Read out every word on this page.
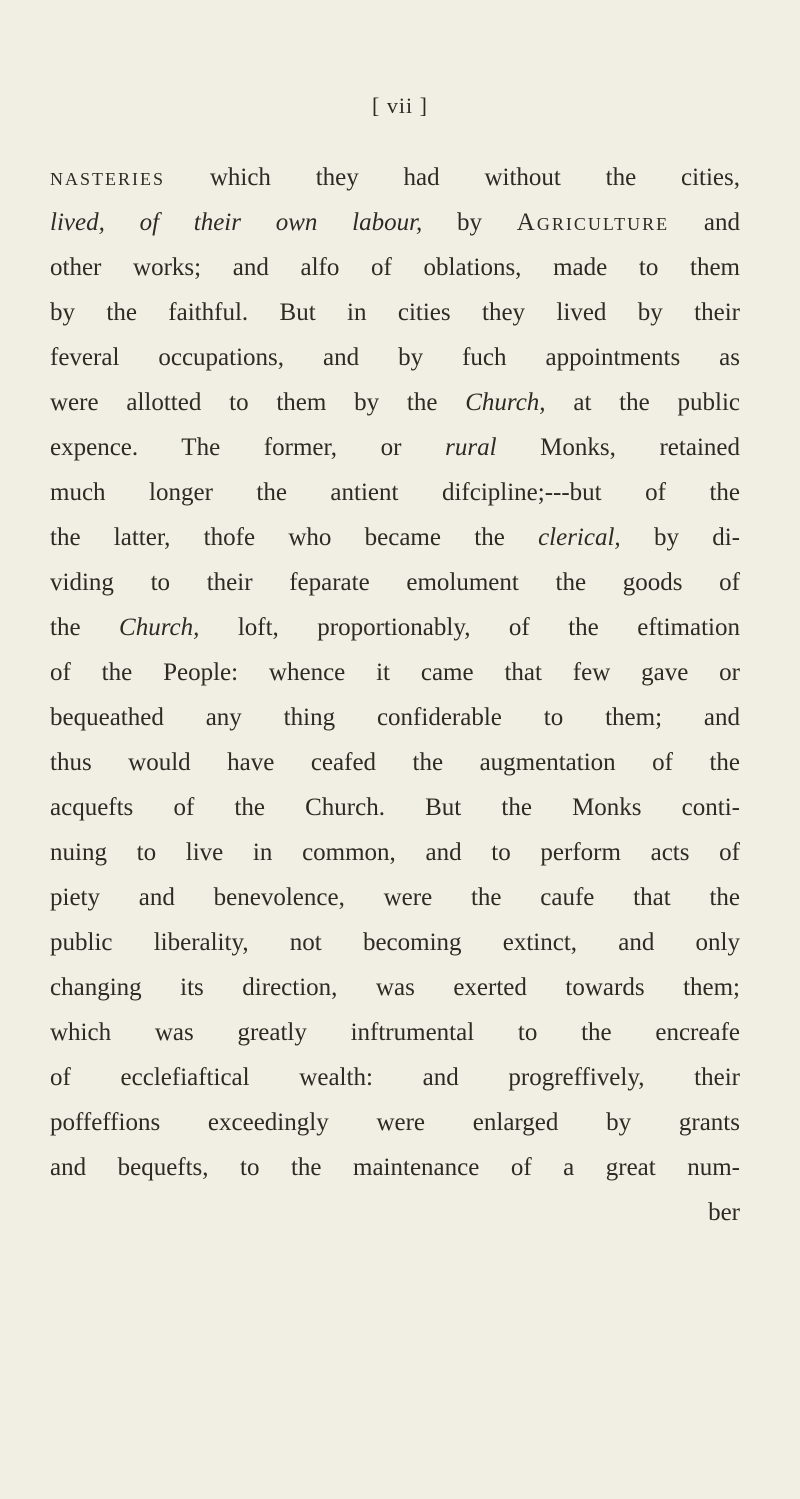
[ vii ]
nasteries which they had without the cities,
lived, of their own labour, by Agriculture and
other works; and alfo of oblations, made to them
by the faithful. But in cities they lived by their
feveral occupations, and by fuch appointments as
were allotted to them by the Church, at the public
expence. The former, or rural Monks, retained
much longer the antient difcipline;---but of the
the latter, thofe who became the clerical, by di-
viding to their feparate emolument the goods of
the Church, loft, proportionably, of the eftimation
of the People: whence it came that few gave or
bequeathed any thing confiderable to them; and
thus would have ceafed the augmentation of the
acquefts of the Church. But the Monks conti-
nuing to live in common, and to perform acts of
piety and benevolence, were the caufe that the
public liberality, not becoming extinct, and only
changing its direction, was exerted towards them;
which was greatly inftrumental to the encreafe
of ecclefiaftical wealth: and progreffively, their
poffeffions exceedingly were enlarged by grants
and bequefts, to the maintenance of a great num-
ber
